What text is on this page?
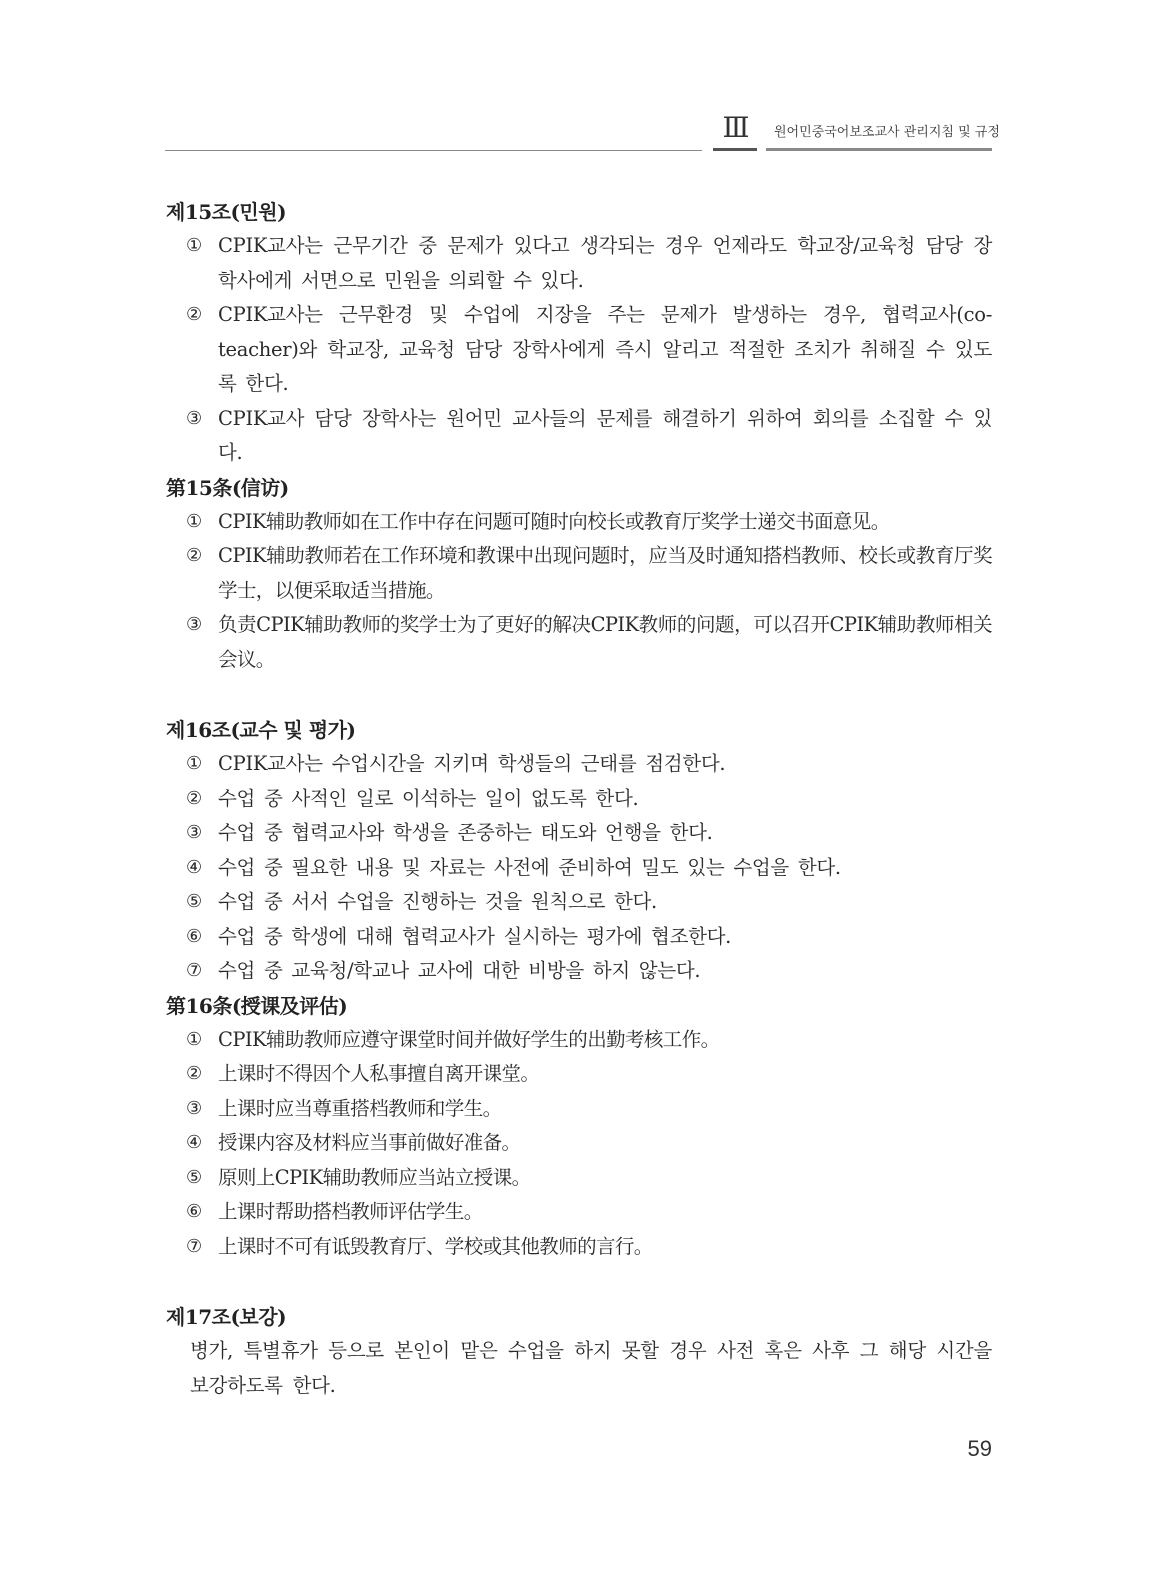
Ⅲ	원어민중국어보조교사 관리지침 및 규정
제15조(민원)
① CPIK교사는 근무기간 중 문제가 있다고 생각되는 경우 언제라도 학교장/교육청 담당 장학사에게 서면으로 민원을 의뢰할 수 있다.
② CPIK교사는 근무환경 및 수업에 지장을 주는 문제가 발생하는 경우, 협력교사(co-teacher)와 학교장, 교육청 담당 장학사에게 즉시 알리고 적절한 조치가 취해질 수 있도록 한다.
③ CPIK교사 담당 장학사는 원어민 교사들의 문제를 해결하기 위하여 회의를 소집할 수 있다.
第15条(信访)
① CPIK辅助教师如在工作中存在问题可随时向校长或教育厅奖学士递交书面意见。
② CPIK辅助教师若在工作环境和教课中出现问题时，应当及时通知搭档教师、校长或教育厅奖学士，以便采取适当措施。
③ 负责CPIK辅助教师的奖学士为了更好的解决CPIK教师的问题，可以召开CPIK辅助教师相关会议。
제16조(교수 및 평가)
① CPIK교사는 수업시간을 지키며 학생들의 근태를 점검한다.
② 수업 중 사적인 일로 이석하는 일이 없도록 한다.
③ 수업 중 협력교사와 학생을 존중하는 태도와 언행을 한다.
④ 수업 중 필요한 내용 및 자료는 사전에 준비하여 밀도 있는 수업을 한다.
⑤ 수업 중 서서 수업을 진행하는 것을 원칙으로 한다.
⑥ 수업 중 학생에 대해 협력교사가 실시하는 평가에 협조한다.
⑦ 수업 중 교육청/학교나 교사에 대한 비방을 하지 않는다.
第16条(授课及评估)
① CPIK辅助教师应遵守课堂时间并做好学生的出勤考核工作。
② 上课时不得因个人私事擅自离开课堂。
③ 上课时应当尊重搭档教师和学生。
④ 授课内容及材料应当事前做好准备。
⑤ 原则上CPIK辅助教师应当站立授课。
⑥ 上课时帮助搭档教师评估学生。
⑦ 上课时不可有诋毁教育厅、学校或其他教师的言行。
제17조(보강)
병가, 특별휴가 등으로 본인이 맡은 수업을 하지 못할 경우 사전 혹은 사후 그 해당 시간을 보강하도록 한다.
59
